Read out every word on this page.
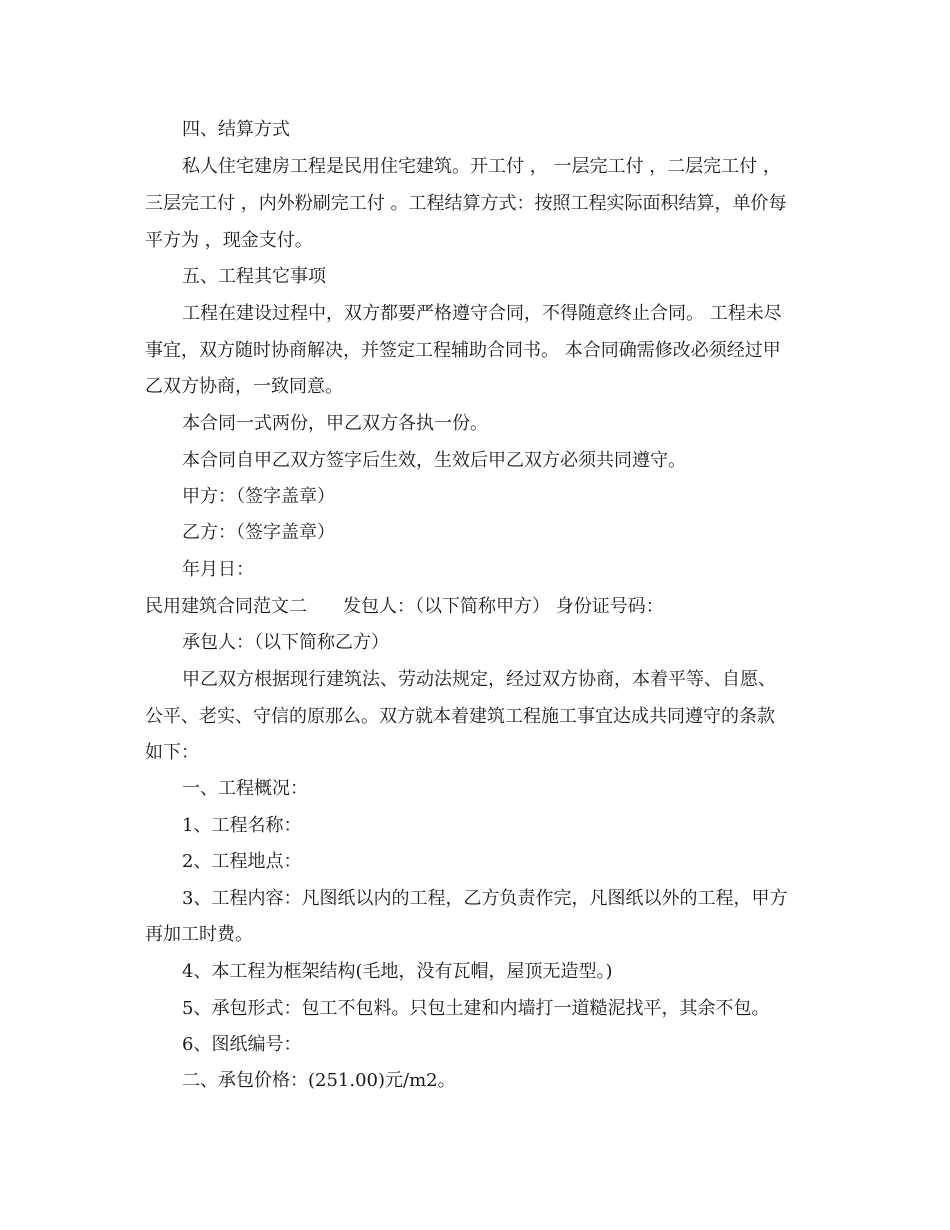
四、结算方式
私人住宅建房工程是民用住宅建筑。开工付 ， 一层完工付 ，二层完工付 ，
三层完工付 ，内外粉刷完工付 。工程结算方式：按照工程实际面积结算，单价每
平方为 ，现金支付。
五、工程其它事项
工程在建设过程中，双方都要严格遵守合同，不得随意终止合同。 工程未尽
事宜，双方随时协商解决，并签定工程辅助合同书。 本合同确需修改必须经过甲
乙双方协商，一致同意。
本合同一式两份，甲乙双方各执一份。
本合同自甲乙双方签字后生效，生效后甲乙双方必须共同遵守。
甲方：（签字盖章）
乙方：（签字盖章）
年月日：
民用建筑合同范文二　　发包人：（以下简称甲方） 身份证号码：
承包人：（以下简称乙方）
甲乙双方根据现行建筑法、劳动法规定，经过双方协商，本着平等、自愿、
公平、老实、守信的原那么。双方就本着建筑工程施工事宜达成共同遵守的条款
如下：
一、工程概况：
1、工程名称：
2、工程地点：
3、工程内容：凡图纸以内的工程，乙方负责作完，凡图纸以外的工程，甲方
再加工时费。
4、本工程为框架结构(毛地，没有瓦帽，屋顶无造型。)
5、承包形式：包工不包料。只包土建和内墙打一道糙泥找平，其余不包。
6、图纸编号：
二、承包价格：(251.00)元/m2。
